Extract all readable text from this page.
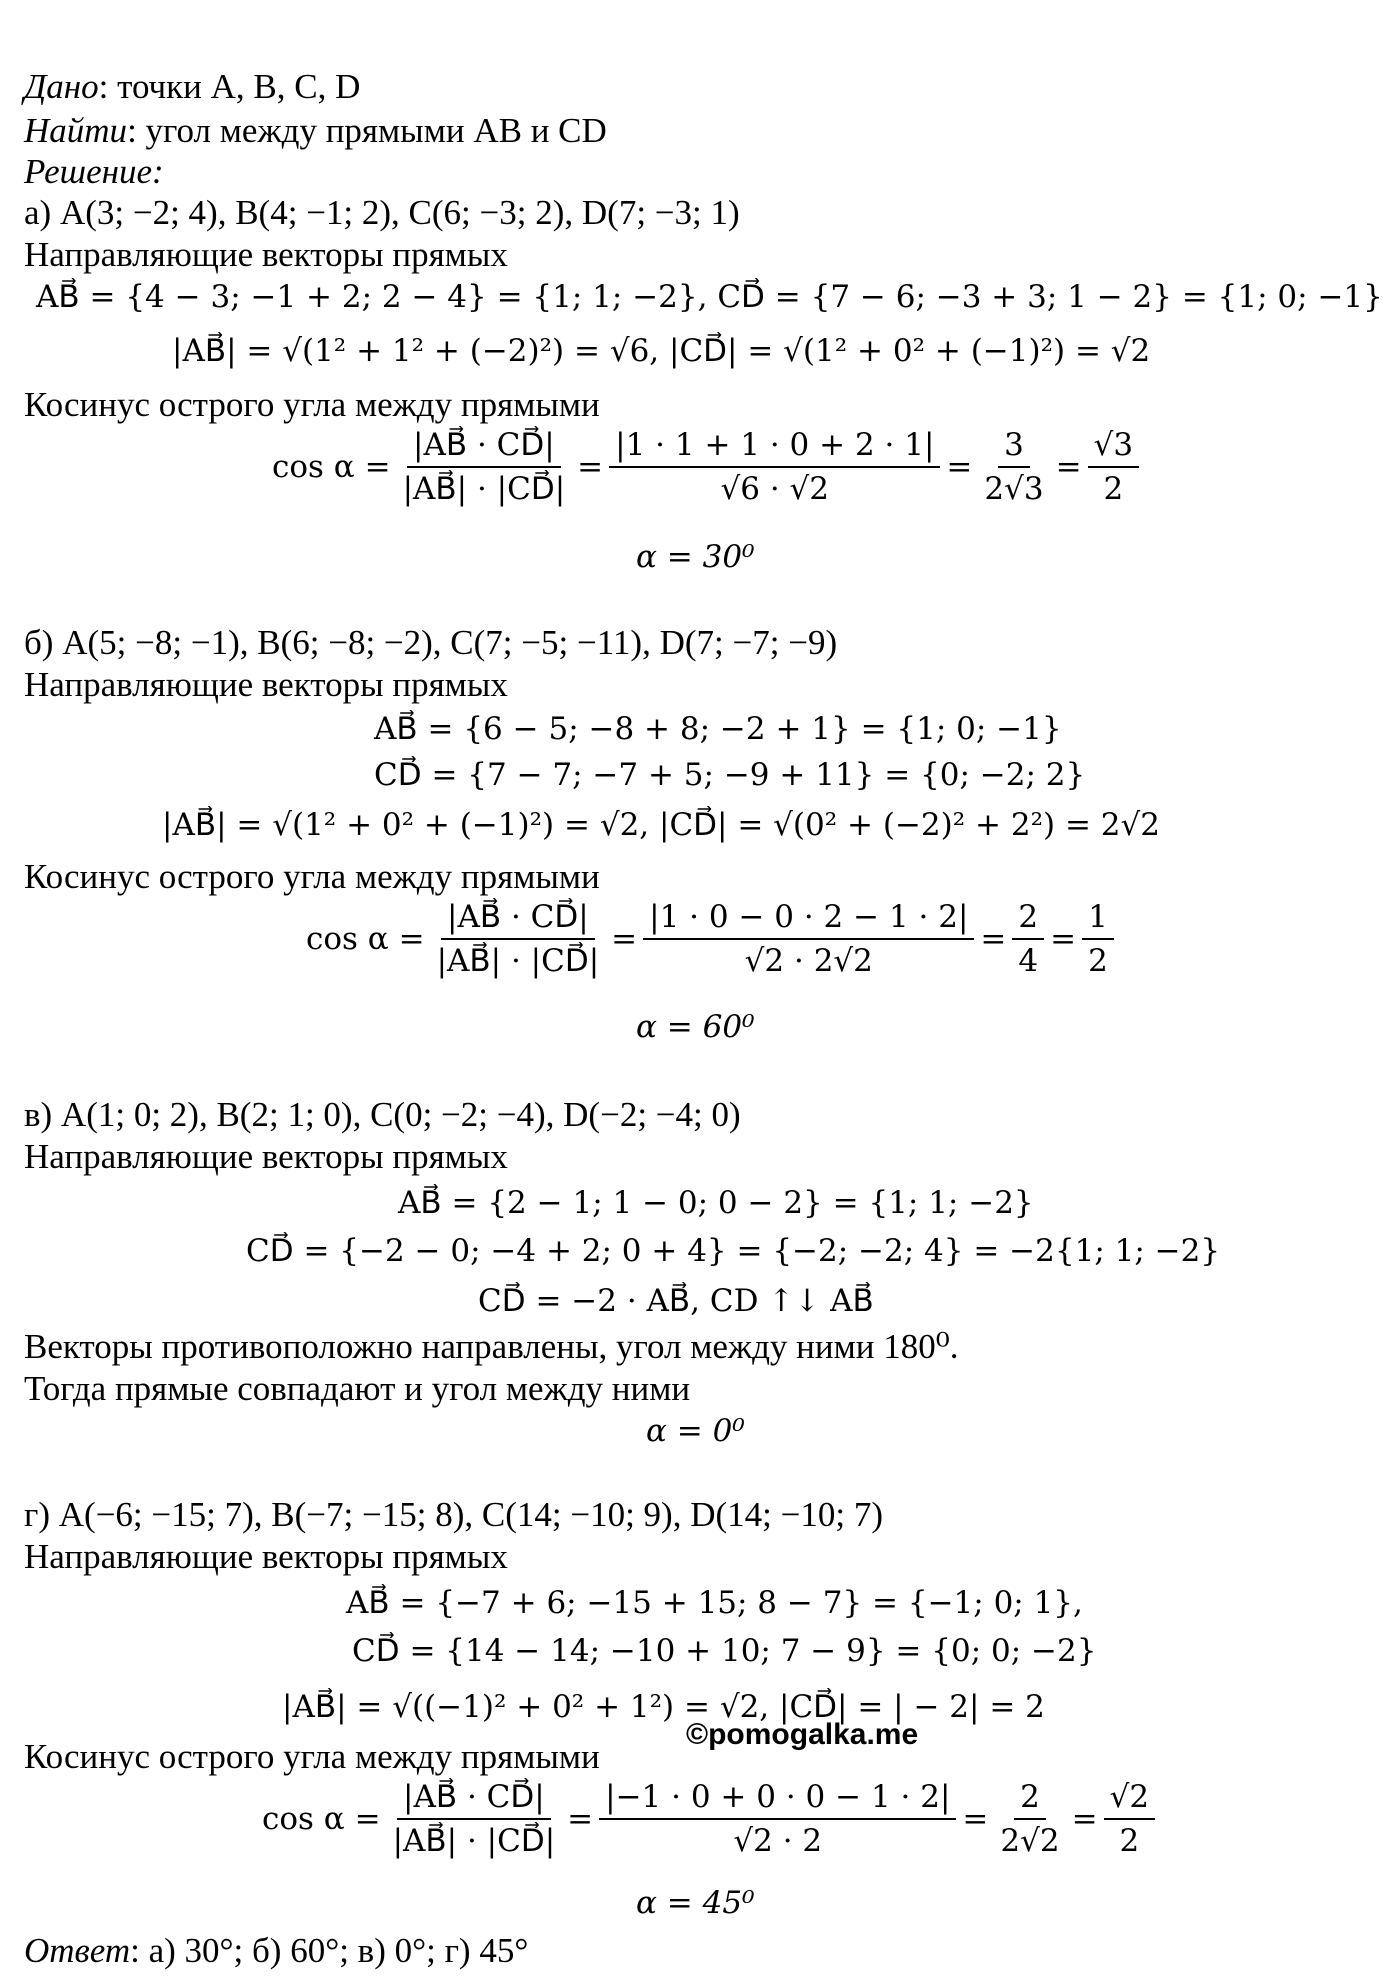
Дано: точки A, B, C, D
Найти: угол между прямыми AB и CD
Решение:
а) A(3; −2; 4), B(4; −1; 2), C(6; −3; 2), D(7; −3; 1)
Направляющие векторы прямых
AB⃗ = {4 − 3; −1 + 2; 2 − 4} = {1; 1; −2}, CD⃗ = {7 − 6; −3 + 3; 1 − 2} = {1; 0; −1}
|AB⃗| = √(1² + 1² + (−2)²) = √6, |CD⃗| = √(1² + 0² + (−1)²) = √2
Косинус острого угла между прямыми
$\cos \alpha = \frac{|AB⃗ \cdot CD⃗|}{|AB⃗| \cdot |CD⃗|} = \frac{|1 \cdot 1 + 1 \cdot 0 + 2 \cdot 1|}{√6 \cdot √2} = \frac{3}{2√3} = \frac{√3}{2}$
α = 30⁰
б) A(5; −8; −1), B(6; −8; −2), C(7; −5; −11), D(7; −7; −9)
Направляющие векторы прямых
AB⃗ = {6 − 5; −8 + 8; −2 + 1} = {1; 0; −1}
CD⃗ = {7 − 7; −7 + 5; −9 + 11} = {0; −2; 2}
|AB⃗| = √(1² + 0² + (−1)²) = √2, |CD⃗| = √(0² + (−2)² + 2²) = 2√2
Косинус острого угла между прямыми
$\cos \alpha = \frac{|AB⃗ \cdot CD⃗|}{|AB⃗| \cdot |CD⃗|} = \frac{|1 \cdot 0 - 0 \cdot 2 - 1 \cdot 2|}{√2 \cdot 2√2} = \frac{2}{4} = \frac{1}{2}$
α = 60⁰
в) A(1; 0; 2), B(2; 1; 0), C(0; −2; −4), D(−2; −4; 0)
Направляющие векторы прямых
AB⃗ = {2 − 1; 1 − 0; 0 − 2} = {1; 1; −2}
CD⃗ = {−2 − 0; −4 + 2; 0 + 4} = {−2; −2; 4} = −2{1; 1; −2}
CD⃗ = −2 · AB⃗, CD ↑↓ AB⃗
Векторы противоположно направлены, угол между ними 180⁰.
Тогда прямые совпадают и угол между ними
α = 0⁰
г) A(−6; −15; 7), B(−7; −15; 8), C(14; −10; 9), D(14; −10; 7)
Направляющие векторы прямых
AB⃗ = {−7 + 6; −15 + 15; 8 − 7} = {−1; 0; 1},
CD⃗ = {14 − 14; −10 + 10; 7 − 9} = {0; 0; −2}
|AB⃗| = √((−1)² + 0² + 1²) = √2, |CD⃗| = | − 2| = 2
Косинус острого угла между прямыми
$\cos \alpha = \frac{|AB⃗ \cdot CD⃗|}{|AB⃗| \cdot |CD⃗|} = \frac{|-1 \cdot 0 + 0 \cdot 0 - 1 \cdot 2|}{√2 \cdot 2} = \frac{2}{2√2} = \frac{√2}{2}$
α = 45⁰
Ответ: а) 30°; б) 60°; в) 0°; г) 45°
©pomogalka.me
